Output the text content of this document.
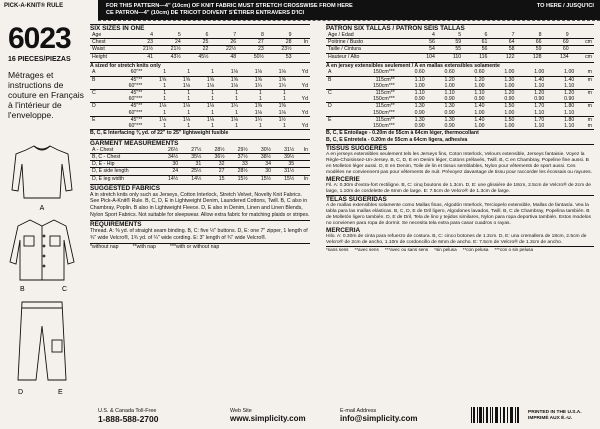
PICK-A-KNIT® RULE	FOR THIS PATTERN—4" (10cm) OF KNIT FABRIC MUST STRETCH CROSSWISE FROM HERE
CE PATRON—4" (10cm) DE TRICOT DOIVENT S'ÉTIRER ENTRAVERS D'ICI
TO HERE / JUSQU'ICI
6023
16 PIECES/PIEZAS
Métrages et instructions de couture en Français à l'intérieur de l'enveloppe.
A
B	C
D	E
SIX SIZES IN ONE
Age	4	5	6	7	8	9	
Chest	23	24	25	26	27	28	In
Waist	21½	21½	22	22½	23	23½	
Height	41	43½	45½	48	50½	53	
A sized for stretch knits only
A	60"**	1	1	1	1⅛	1⅛	1⅛	Yd
B	45"**	1⅝	1⅝	1⅝	1⅝	1⅝	1⅝	
	60"***	1	1⅛	1⅛	1⅛	1¼	1¼	Yd
C	45"**	1	1	1	1	1	1	
	60"***	1	1	1	1	1	1	Yd
D	45"**	1⅛	1⅛	1⅛	1¼	1⅜	1⅜	
	60"***	1	1	1	1	1⅛	1⅛	Yd
E	45"**	1⅛	1⅛	1⅛	1⅛	1¼	1½	
	60"***	1	1	1	1	1	1	Yd
B, C, E Interfacing ⅜ yd. of 22" to 25" lightweight fusible
GARMENT MEASUREMENTS
A - Chest	26½	27½	28½	29½	30½	31½	In
B, C - Chest	34½	35½	36½	37½	38½	39½	
D, E - Hip	30	31	32	33	34	35	
D, E side length	24	25½	27	28½	30	31½	
D, E leg width	14½	14½	15	15½	15½	15½	In
SUGGESTED FABRICS
A in stretch knits only such as Jerseys, Cotton Interlock, Stretch Velvet, Novelty Knit Fabrics. See Pick-A-Knit® Rule. B, C, D, E in Lightweight Denim, Laundered Cottons, Twill. B, C also in Chambray, Poplin. B also in Lightweight Fleece. D, E also in Denim, Linen and Linen Blends, Nylon Sport Fabrics. Not suitable for sleepwear. Allow extra fabric for matching plaids or stripes.
REQUIREMENTS
Thread. A: ⅜ yd. of straight seam binding. B, C: five ½" buttons. D, E: one 7" zipper, 1 length of ¾" wide Velcro®, 1¾ yd. of ¼" wide cording. E: 3" length of ¾" wide Velcro®.
*without nap	**with nap	***with or without nap
PATRON SIX TALLAS / PATRON SEIS TALLAS
Age / Edad	4	5	6	7	8	9	
Poitrine / Busto	56	59	61	64	66	69	cm
Taille / Cintura	54	55	56	58	59	60	
Hauteur / Alto	104	110	116	122	128	134	cm
A en jersey extensibles seulement / A en mallas extensibles solamente
A	150cm***	0.60	0.60	0.60	1.00	1.00	1.00	m
B	115cm**	1.10	1.20	1.20	1.30	1.40	1.40	m
	150cm***	1.00	1.00	1.00	1.00	1.10	1.10	
C	115cm**	1.10	1.10	1.10	1.20	1.20	1.20	m
	150cm***	0.90	0.90	0.90	0.90	0.90	0.90	
D	115cm**	1.30	1.30	1.40	1.50	1.70	1.80	m
	150cm***	0.90	0.90	1.00	1.00	1.10	1.10	
E	115cm**	1.30	1.30	1.40	1.50	1.70	1.80	m
	150cm***	0.90	0.90	1.00	1.00	1.10	1.10	m
B, C, E Entoilage - 0.20m de 55cm à 64cm léger, thermocollant
B, C, E Entretela - 0.20m de 55cm a 64cm ligera, adhesiva
TISSUS SUGGERES
A en jerseys extensibles seulement tels les Jerseys fins, Coton Interlock, Velours extensible, Jerseys fantaisie. Voyez la Règle-Choisissez-Un-Jersey. B, C, D, E en Denim léger, Cotons prélavés, Twill. B, C en Chambray, Popeline fine aussi. B en Molleton léger aussi. D, E en Denim, Toile de lin et tissus semblables, Nylon pour vêtements de sport aussi. Ces modèles ne conviennent pas pour vêtements de nuit. Prévoyez davantage de tissu pour raccorder les écossais ou rayures.
MERCERIE
Fil. A: 0.30m d'extra-fort rectiligne. B, C: cinq boutons de 1.3cm. D, E: une glissière de 18cm, 2.5cm de Velcro® de 2cm de large, 1.10m de cordelette de 6mm de large. E: 7.5cm de Velcro® de 1.3cm de large.
TELAS SUGERIDAS
A de mallas extensibles solamente como Mallas finas, Algodón Interlock, Terciopelo extensible, Mallas de fantasía. Vea la tabla para las mallas elásticas. B, C, D, E de Dril ligero, Algodones lavados, Twill. B, C de Chambray, Popelina también. B de Molletón ligero también. D, E de Dril, Tela de lino y tejidos similares, Nylon para ropa deportiva también. Estos modelos no convienen para ropa de dormir. Se necesita tela extra para casar cuadros o rayas.
MERCERIA
Hilo. A: 0.30m de cinta para refuerzo de costura. B, C: cinco botones de 1.3cm. D, E: una cremallera de 18cm, 2.5cm de Velcro® de 2cm de ancho, 1.10m de cordoncillo de 6mm de ancho. E: 7.5cm de Velcro® de 1.3cm de ancho.
*sans sens **avec sens ***avec ou sans sens *sin pelusa **con pelusa ***con o sin pelusa
U.S. & Canada Toll-Free
1-888-588-2700
Web Site
www.simplicity.com
E-mail Address
info@simplicity.com
PRINTED IN THE U.S.A.
IMPRIMÉ AUX É.-U.
